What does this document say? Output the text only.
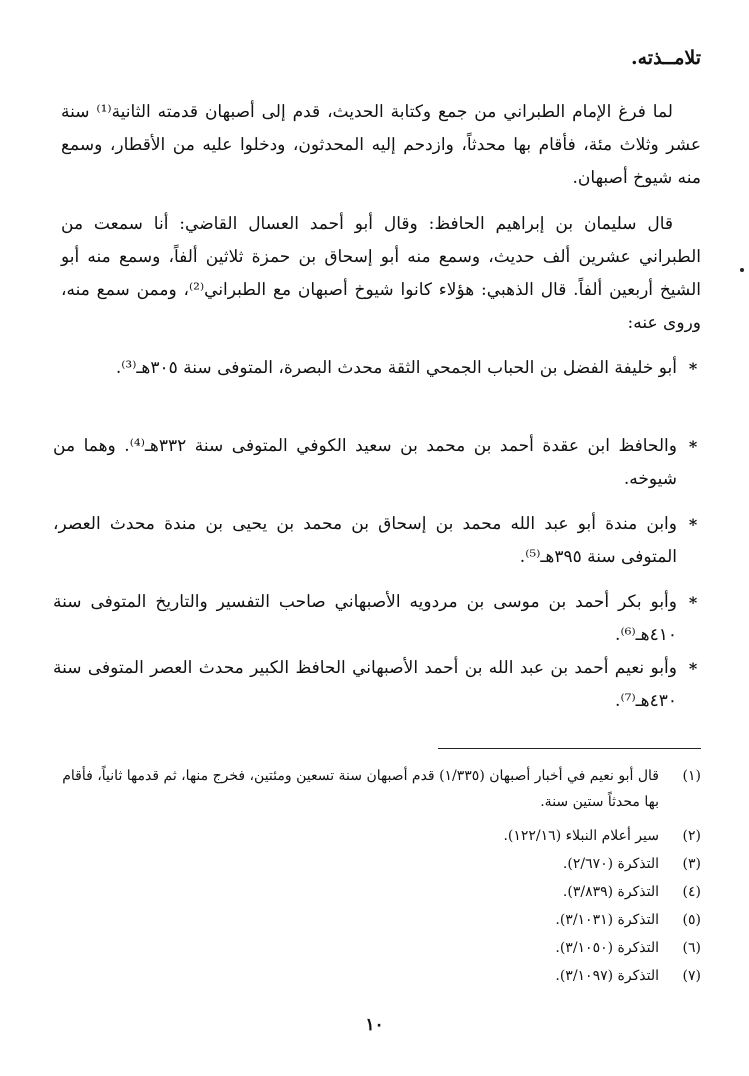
تلامــذته.
لما فرغ الإمام الطبراني من جمع وكتابة الحديث، قدم إلى أصبهان قدمته الثانية⁽¹⁾ سنة عشر وثلاث مئة، فأقام بها محدثاً، وازدحم إليه المحدثون، ودخلوا عليه من الأقطار، وسمع منه شيوخ أصبهان.
قال سليمان بن إبراهيم الحافظ: وقال أبو أحمد العسال القاضي: أنا سمعت من الطبراني عشرين ألف حديث، وسمع منه أبو إسحاق بن حمزة ثلاثين ألفاً، وسمع منه أبو الشيخ أربعين ألفاً. قال الذهبي: هؤلاء كانوا شيوخ أصبهان مع الطبراني⁽²⁾، وممن سمع منه، وروى عنه:
*
أبو خليفة الفضل بن الحباب الجمحي الثقة محدث البصرة، المتوفى سنة ٣٠٥هـ⁽³⁾.
*
والحافظ ابن عقدة أحمد بن محمد بن سعيد الكوفي المتوفى سنة ٣٣٢هـ⁽⁴⁾. وهما من شيوخه.
*
وابن مندة أبو عبد الله محمد بن إسحاق بن محمد بن يحيى بن مندة محدث العصر، المتوفى سنة ٣٩٥هـ⁽⁵⁾.
*
وأبو بكر أحمد بن موسى بن مردويه الأصبهاني صاحب التفسير والتاريخ المتوفى سنة ٤١٠هـ⁽⁶⁾.
*
وأبو نعيم أحمد بن عبد الله بن أحمد الأصبهاني الحافظ الكبير محدث العصر المتوفى سنة ٤٣٠هـ⁽⁷⁾.
(١)
قال أبو نعيم في أخبار أصبهان (١/٣٣٥) قدم أصبهان سنة تسعين ومئتين، فخرج منها، ثم قدمها ثانياً، فأقام بها محدثاً ستين سنة.
(٢)
سير أعلام النبلاء (١٢٢/١٦).
(٣)
التذكرة (٢/٦٧٠).
(٤)
التذكرة (٣/٨٣٩).
(٥)
التذكرة (٣/١٠٣١).
(٦)
التذكرة (٣/١٠٥٠).
(٧)
التذكرة (٣/١٠٩٧).
١٠
